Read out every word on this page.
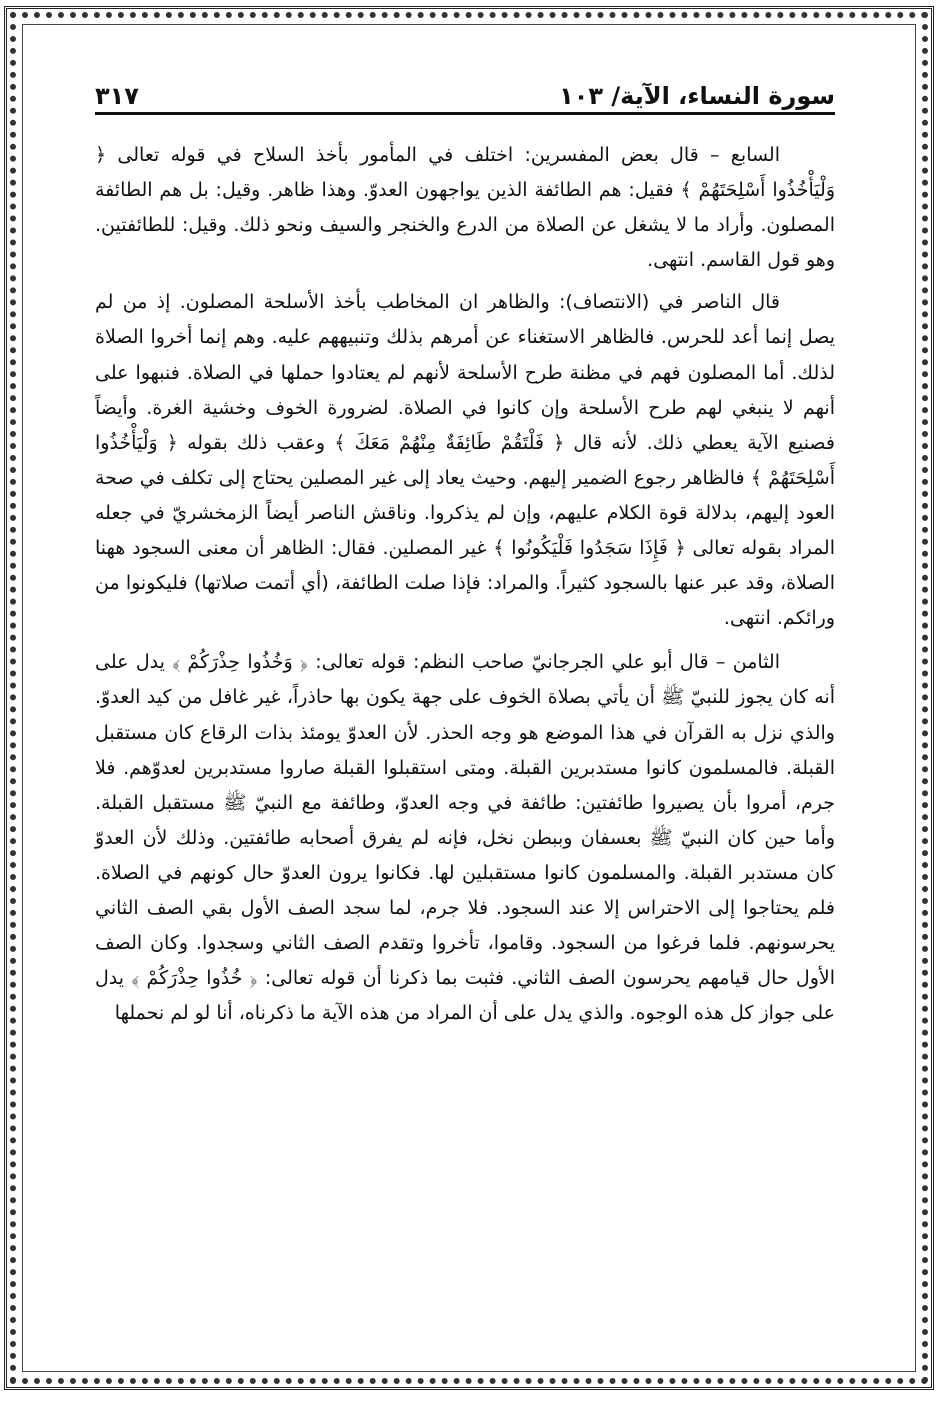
سورة النساء، الآية/ ١٠٣
٣١٧

السابع – قال بعض المفسرين: اختلف في المأمور بأخذ السلاح في قوله تعالى ﴿ وَلْيَأْخُذُوا أَسْلِحَتَهُمْ ﴾ فقيل: هم الطائفة الذين يواجهون العدوّ. وهذا ظاهر. وقيل: بل هم الطائفة المصلون. وأراد ما لا يشغل عن الصلاة من الدرع والخنجر والسيف ونحو ذلك. وقيل: للطائفتين. وهو قول القاسم. انتهى.

قال الناصر في (الانتصاف): والظاهر ان المخاطب بأخذ الأسلحة المصلون. إذ من لم يصل إنما أعد للحرس. فالظاهر الاستغناء عن أمرهم بذلك وتنبيههم عليه. وهم إنما أخروا الصلاة لذلك. أما المصلون فهم في مظنة طرح الأسلحة لأنهم لم يعتادوا حملها في الصلاة. فنبهوا على أنهم لا ينبغي لهم طرح الأسلحة وإن كانوا في الصلاة. لضرورة الخوف وخشية الغرة. وأيضاً فصنيع الآية يعطي ذلك. لأنه قال ﴿ فَلْتَقُمْ طَائِفَةٌ مِنْهُمْ مَعَكَ ﴾ وعقب ذلك بقوله ﴿ وَلْيَأْخُذُوا أَسْلِحَتَهُمْ ﴾ فالظاهر رجوع الضمير إليهم. وحيث يعاد إلى غير المصلين يحتاج إلى تكلف في صحة العود إليهم، بدلالة قوة الكلام عليهم، وإن لم يذكروا. وناقش الناصر أيضاً الزمخشريّ في جعله المراد بقوله تعالى ﴿ فَإِذَا سَجَدُوا فَلْيَكُونُوا ﴾ غير المصلين. فقال: الظاهر أن معنى السجود ههنا الصلاة، وقد عبر عنها بالسجود كثيراً. والمراد: فإذا صلت الطائفة، (أي أتمت صلاتها) فليكونوا من ورائكم. انتهى.

الثامن – قال أبو علي الجرجانيّ صاحب النظم: قوله تعالى: ﴿ وَخُذُوا حِذْرَكُمْ ﴾ يدل على أنه كان يجوز للنبيّ ﷺ أن يأتي بصلاة الخوف على جهة يكون بها حاذراً، غير غافل من كيد العدوّ. والذي نزل به القرآن في هذا الموضع هو وجه الحذر. لأن العدوّ يومئذ بذات الرقاع كان مستقبل القبلة. فالمسلمون كانوا مستدبرين القبلة. ومتى استقبلوا القبلة صاروا مستدبرين لعدوّهم. فلا جرم، أمروا بأن يصيروا طائفتين: طائفة في وجه العدوّ، وطائفة مع النبيّ ﷺ مستقبل القبلة. وأما حين كان النبيّ ﷺ بعسفان وببطن نخل، فإنه لم يفرق أصحابه طائفتين. وذلك لأن العدوّ كان مستدبر القبلة. والمسلمون كانوا مستقبلين لها. فكانوا يرون العدوّ حال كونهم في الصلاة. فلم يحتاجوا إلى الاحتراس إلا عند السجود. فلا جرم، لما سجد الصف الأول بقي الصف الثاني يحرسونهم. فلما فرغوا من السجود. وقاموا، تأخروا وتقدم الصف الثاني وسجدوا. وكان الصف الأول حال قيامهم يحرسون الصف الثاني. فثبت بما ذكرنا أن قوله تعالى: ﴿ خُذُوا حِذْرَكُمْ ﴾ يدل على جواز كل هذه الوجوه. والذي يدل على أن المراد من هذه الآية ما ذكرناه، أنا لو لم نحملها
